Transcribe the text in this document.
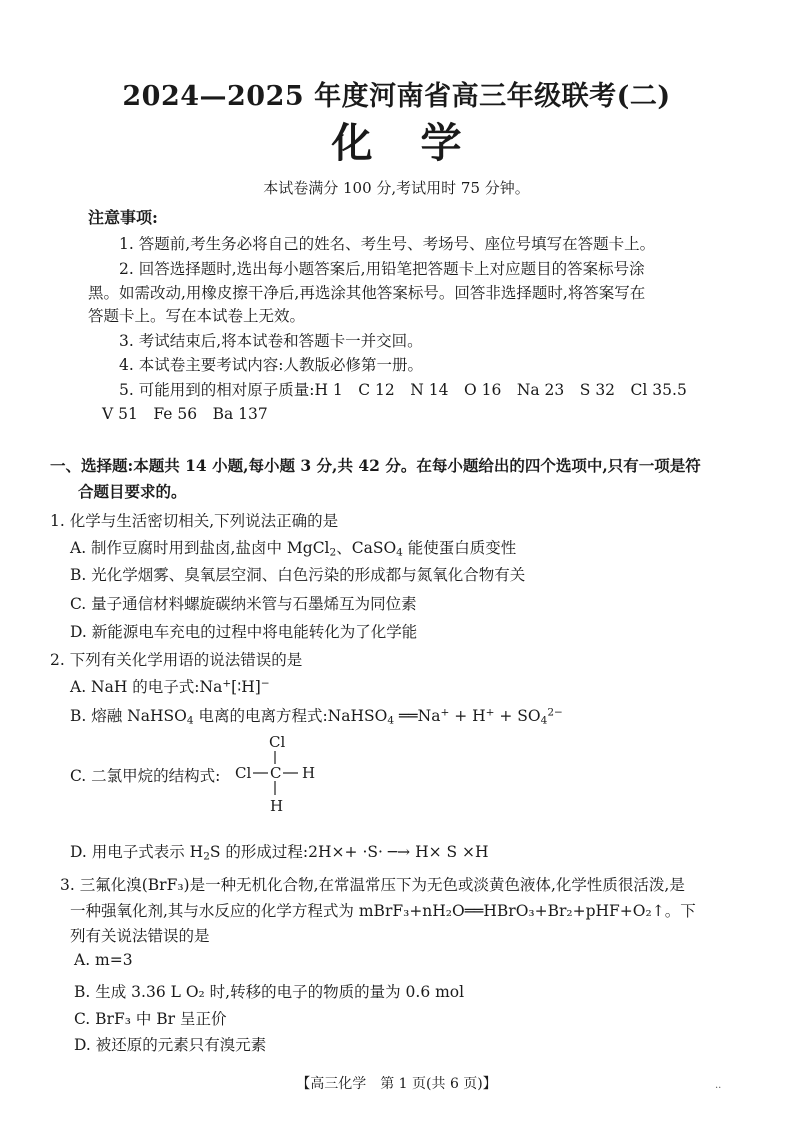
2024—2025 年度河南省高三年级联考(二)
化学
本试卷满分 100 分,考试用时 75 分钟。
注意事项:
1. 答题前,考生务必将自己的姓名、考生号、考场号、座位号填写在答题卡上。
2. 回答选择题时,选出每小题答案后,用铅笔把答题卡上对应题目的答案标号涂
黑。如需改动,用橡皮擦干净后,再选涂其他答案标号。回答非选择题时,将答案写在
答题卡上。写在本试卷上无效。
3. 考试结束后,将本试卷和答题卡一并交回。
4. 本试卷主要考试内容:人教版必修第一册。
5. 可能用到的相对原子质量:H 1　C 12　N 14　O 16　Na 23　S 32　Cl 35.5
V 51　Fe 56　Ba 137
一、选择题:本题共 14 小题,每小题 3 分,共 42 分。在每小题给出的四个选项中,只有一项是符
合题目要求的。
1. 化学与生活密切相关,下列说法正确的是
A. 制作豆腐时用到盐卤,盐卤中 MgCl$_2$、CaSO$_4$ 能使蛋白质变性
B. 光化学烟雾、臭氧层空洞、白色污染的形成都与氮氧化合物有关
C. 量子通信材料螺旋碳纳米管与石墨烯互为同位素
D. 新能源电车充电的过程中将电能转化为了化学能
2. 下列有关化学用语的说法错误的是
A. NaH 的电子式:Na+[∶H]−
B. 熔融 NaHSO$_4$ 电离的电离方程式:NaHSO$_4$ ══Na+ + $H^+ + SO_4^{2-}$
C. 二氯甲烷的结构式:
Cl
Cl C H
H
D. 用电子式表示 $H_2S$ 的形成过程:2H×+ ·S· ─→ H× S ×H
3. 三氟化溴(BrF₃)是一种无机化合物,在常温常压下为无色或淡黄色液体,化学性质很活泼,是
一种强氧化剂,其与水反应的化学方程式为 mBrF₃+nH₂O══HBrO₃+Br₂+pHF+O₂↑。下
列有关说法错误的是
A. m=3
B. 生成 3.36 L O₂ 时,转移的电子的物质的量为 0.6 mol
C. BrF₃ 中 Br 呈正价
D. 被还原的元素只有溴元素
【高三化学　第 1 页(共 6 页)】	..
